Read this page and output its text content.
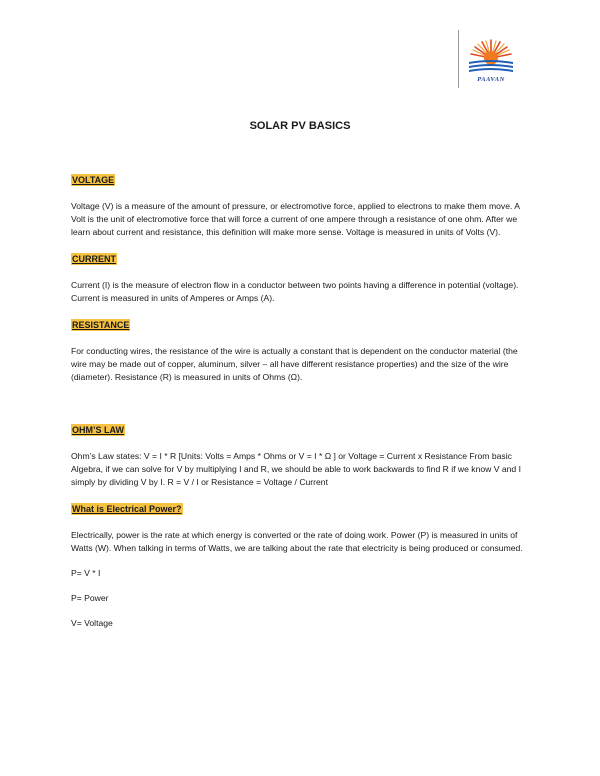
PAAVAN
SOLAR PV BASICS
VOLTAGE

Voltage (V) is a measure of the amount of pressure, or electromotive force, applied to electrons to make them move. A Volt is the unit of electromotive force that will force a current of one ampere through a resistance of one ohm. After we learn about current and resistance, this definition will make more sense. Voltage is measured in units of Volts (V).

CURRENT

Current (I) is the measure of electron flow in a conductor between two points having a difference in potential (voltage). Current is measured in units of Amperes or Amps (A).

RESISTANCE

For conducting wires, the resistance of the wire is actually a constant that is dependent on the conductor material (the wire may be made out of copper, aluminum, silver – all have different resistance properties) and the size of the wire (diameter). Resistance (R) is measured in units of Ohms (Ω).

OHM’S LAW

Ohm’s Law states: V = I * R [Units: Volts = Amps * Ohms or V = I * Ω ] or Voltage = Current x Resistance From basic Algebra, if we can solve for V by multiplying I and R, we should be able to work backwards to find R if we know V and I simply by dividing V by I. R = V / I or Resistance = Voltage / Current

What is Electrical Power?

Electrically, power is the rate at which energy is converted or the rate of doing work. Power (P) is measured in units of Watts (W). When talking in terms of Watts, we are talking about the rate that electricity is being produced or consumed.

P= V * I

P= Power

V= Voltage
